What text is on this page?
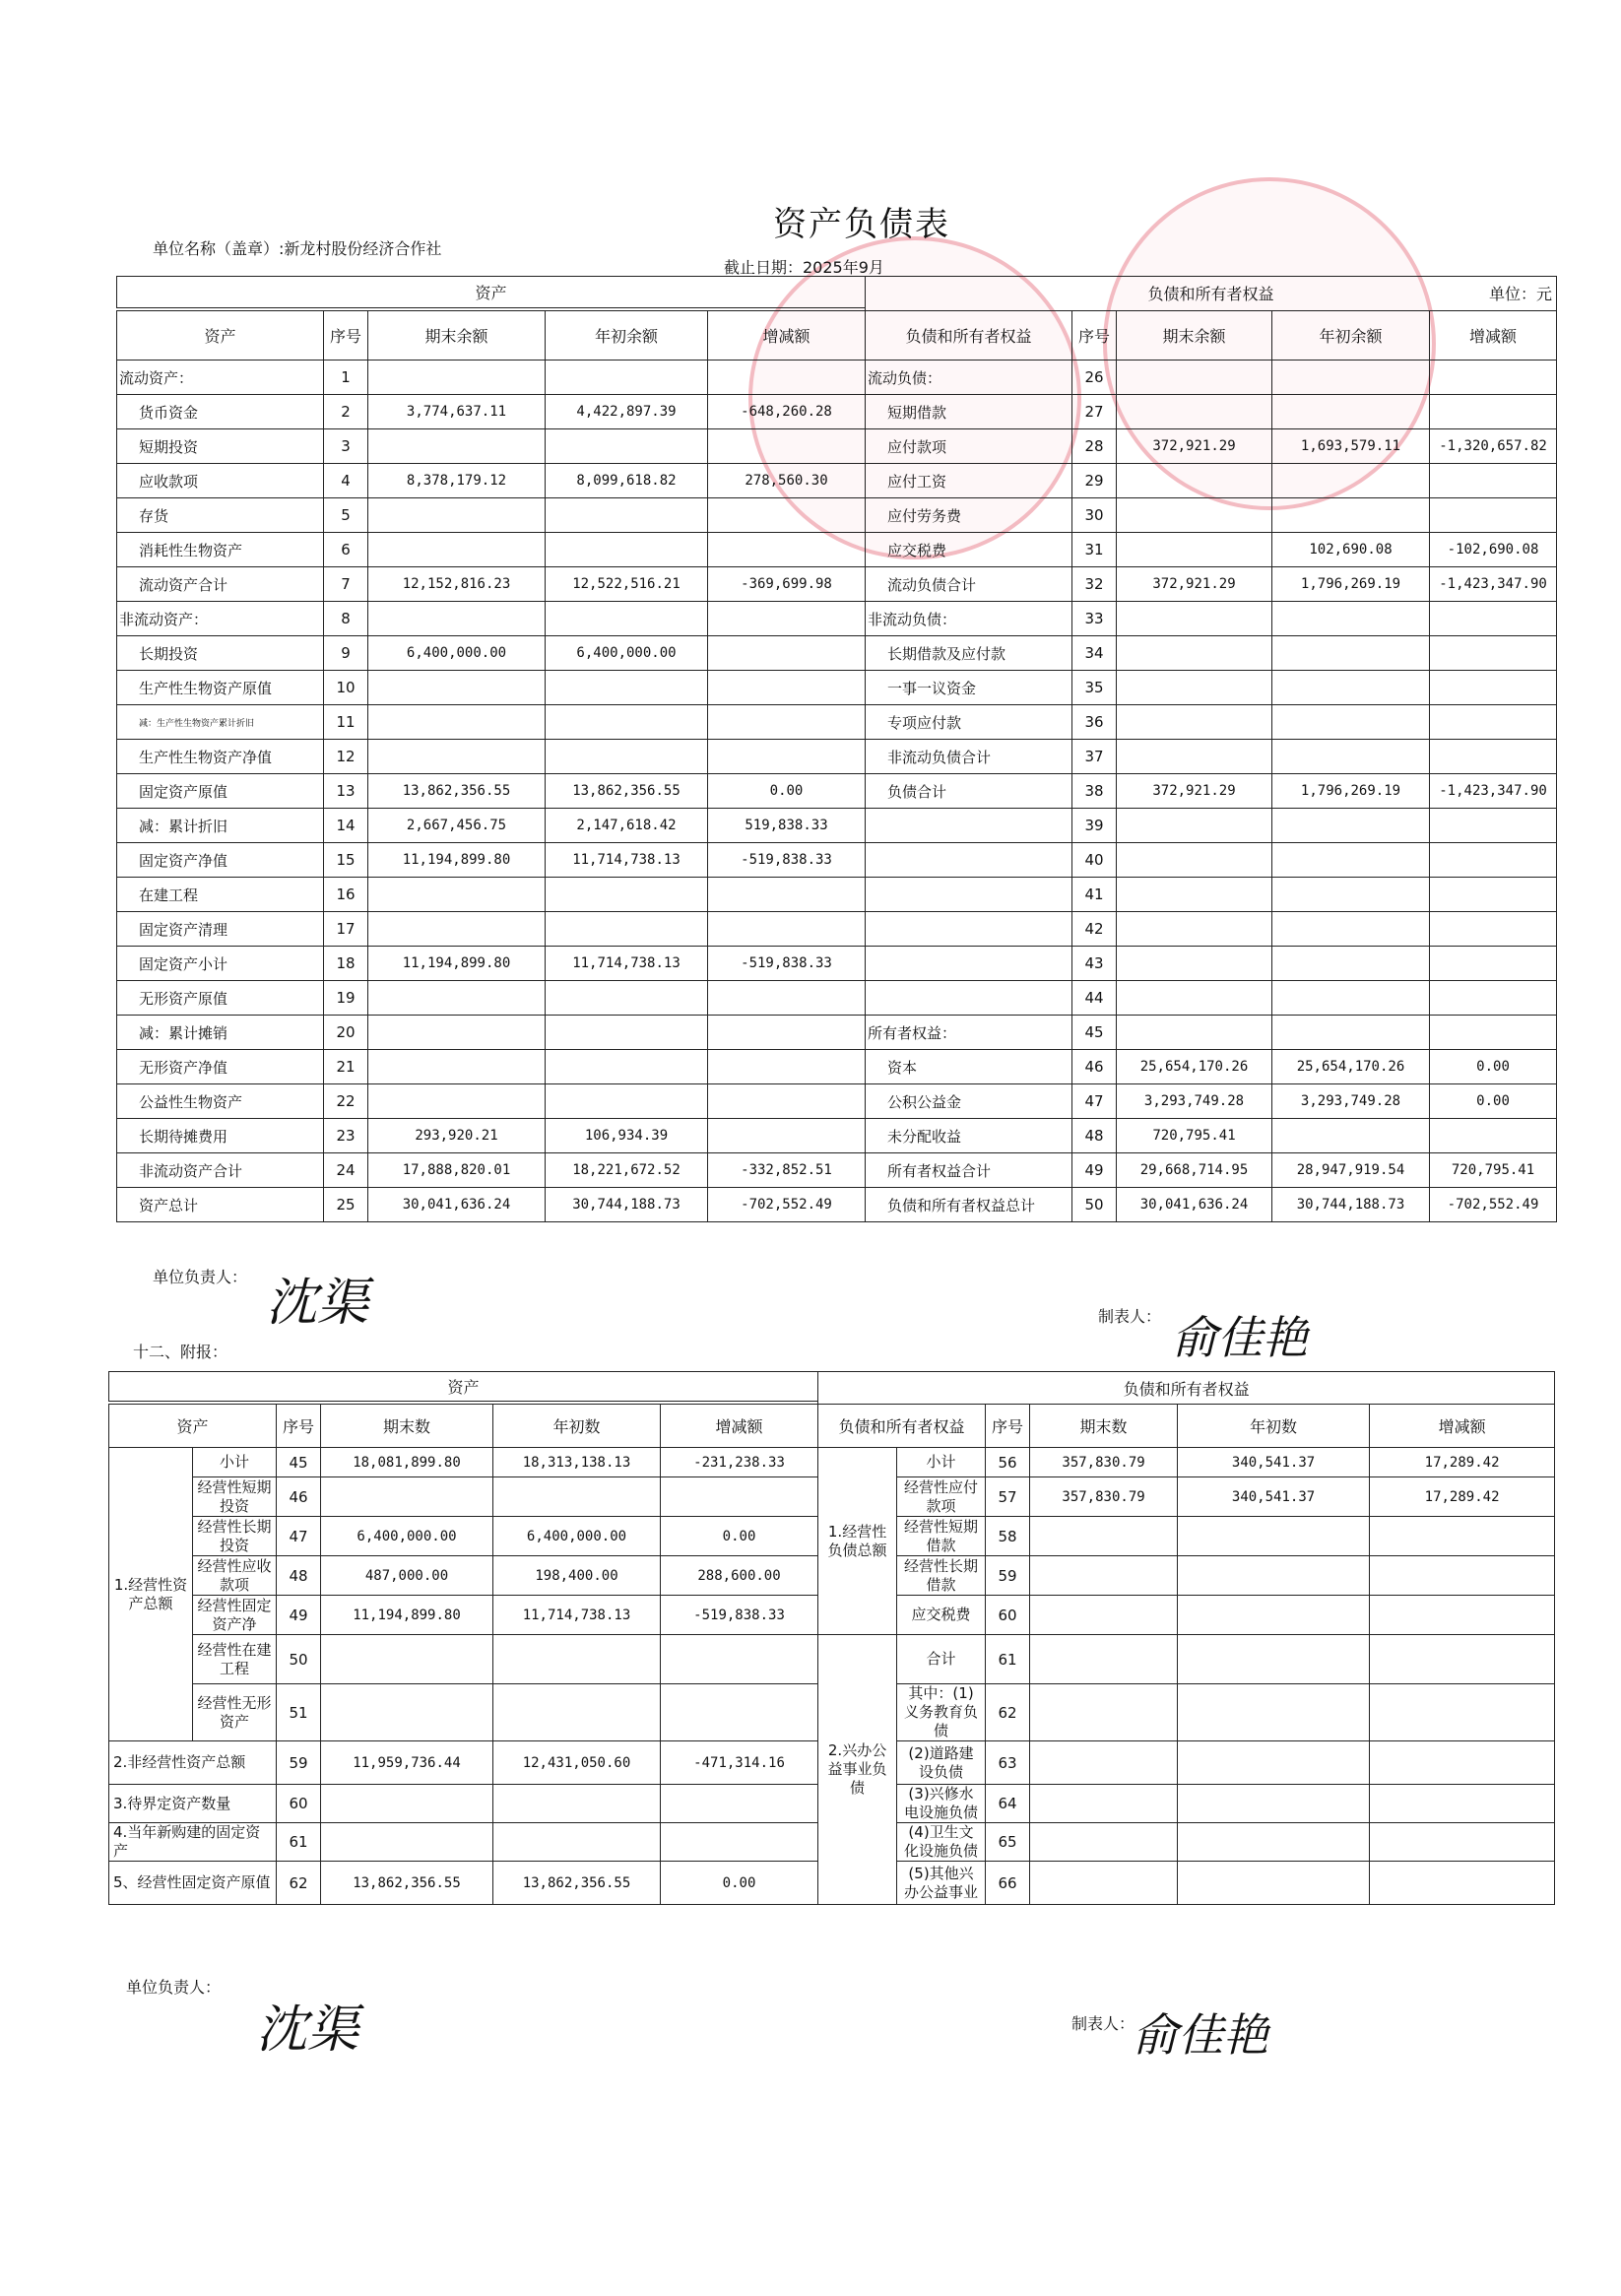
资产负债表
单位名称（盖章）:新龙村股份经济合作社
截止日期：2025年9月
单位：元
资产					负债和所有者权益				

资产	序号	期末余额	年初余额	增减额	负债和所有者权益	序号	期末余额	年初余额	增减额
流动资产：	1				流动负债：	26			
货币资金	2	3,774,637.11	4,422,897.39	-648,260.28	短期借款	27			
短期投资	3				应付款项	28	372,921.29	1,693,579.11	-1,320,657.82
应收款项	4	8,378,179.12	8,099,618.82	278,560.30	应付工资	29			
存货	5				应付劳务费	30			
消耗性生物资产	6				应交税费	31		102,690.08	-102,690.08
流动资产合计	7	12,152,816.23	12,522,516.21	-369,699.98	流动负债合计	32	372,921.29	1,796,269.19	-1,423,347.90
非流动资产：	8				非流动负债：	33			
长期投资	9	6,400,000.00	6,400,000.00		长期借款及应付款	34			
生产性生物资产原值	10				一事一议资金	35			
减：生产性生物资产累计折旧	11				专项应付款	36			
生产性生物资产净值	12				非流动负债合计	37			
固定资产原值	13	13,862,356.55	13,862,356.55	0.00	负债合计	38	372,921.29	1,796,269.19	-1,423,347.90
减：累计折旧	14	2,667,456.75	2,147,618.42	519,838.33		39			
固定资产净值	15	11,194,899.80	11,714,738.13	-519,838.33		40			
在建工程	16					41			
固定资产清理	17					42			
固定资产小计	18	11,194,899.80	11,714,738.13	-519,838.33		43			
无形资产原值	19					44			
减：累计摊销	20				所有者权益：	45			
无形资产净值	21				资本	46	25,654,170.26	25,654,170.26	0.00
公益性生物资产	22				公积公益金	47	3,293,749.28	3,293,749.28	0.00
长期待摊费用	23	293,920.21	106,934.39		未分配收益	48	720,795.41		
非流动资产合计	24	17,888,820.01	18,221,672.52	-332,852.51	所有者权益合计	49	29,668,714.95	28,947,919.54	720,795.41
资产总计	25	30,041,636.24	30,744,188.73	-702,552.49	负债和所有者权益总计	50	30,041,636.24	30,744,188.73	-702,552.49
单位负责人： 沈渠	制表人： 俞佳艳
十二、附报：
资产						负债和所有者权益					

资产		序号	期末数	年初数	增减额	负债和所有者权益		序号	期末数	年初数	增减额
1.经营性资产总额	小计	45	18,081,899.80	18,313,138.13	-231,238.33	1.经营性负债总额	小计	56	357,830.79	340,541.37	17,289.42
	经营性短期投资	46					经营性应付款项	57	357,830.79	340,541.37	17,289.42
	经营性长期投资	47	6,400,000.00	6,400,000.00	0.00		经营性短期借款	58			
	经营性应收款项	48	487,000.00	198,400.00	288,600.00		经营性长期借款	59			
	经营性固定资产净	49	11,194,899.80	11,714,738.13	-519,838.33		应交税费	60			
	经营性在建工程	50				2.兴办公益事业负债	合计	61			
	经营性无形资产	51					其中：(1)义务教育负债	62			
2.非经营性资产总额		59	11,959,736.44	12,431,050.60	-471,314.16		(2)道路建设负债	63			
3.待界定资产数量		60					(3)兴修水电设施负债	64			
4.当年新购建的固定资产		61					(4)卫生文化设施负债	65			
5、经营性固定资产原值		62	13,862,356.55	13,862,356.55	0.00		(5)其他兴办公益事业	66			
单位负责人：
沈渠	制表人：
俞佳艳
